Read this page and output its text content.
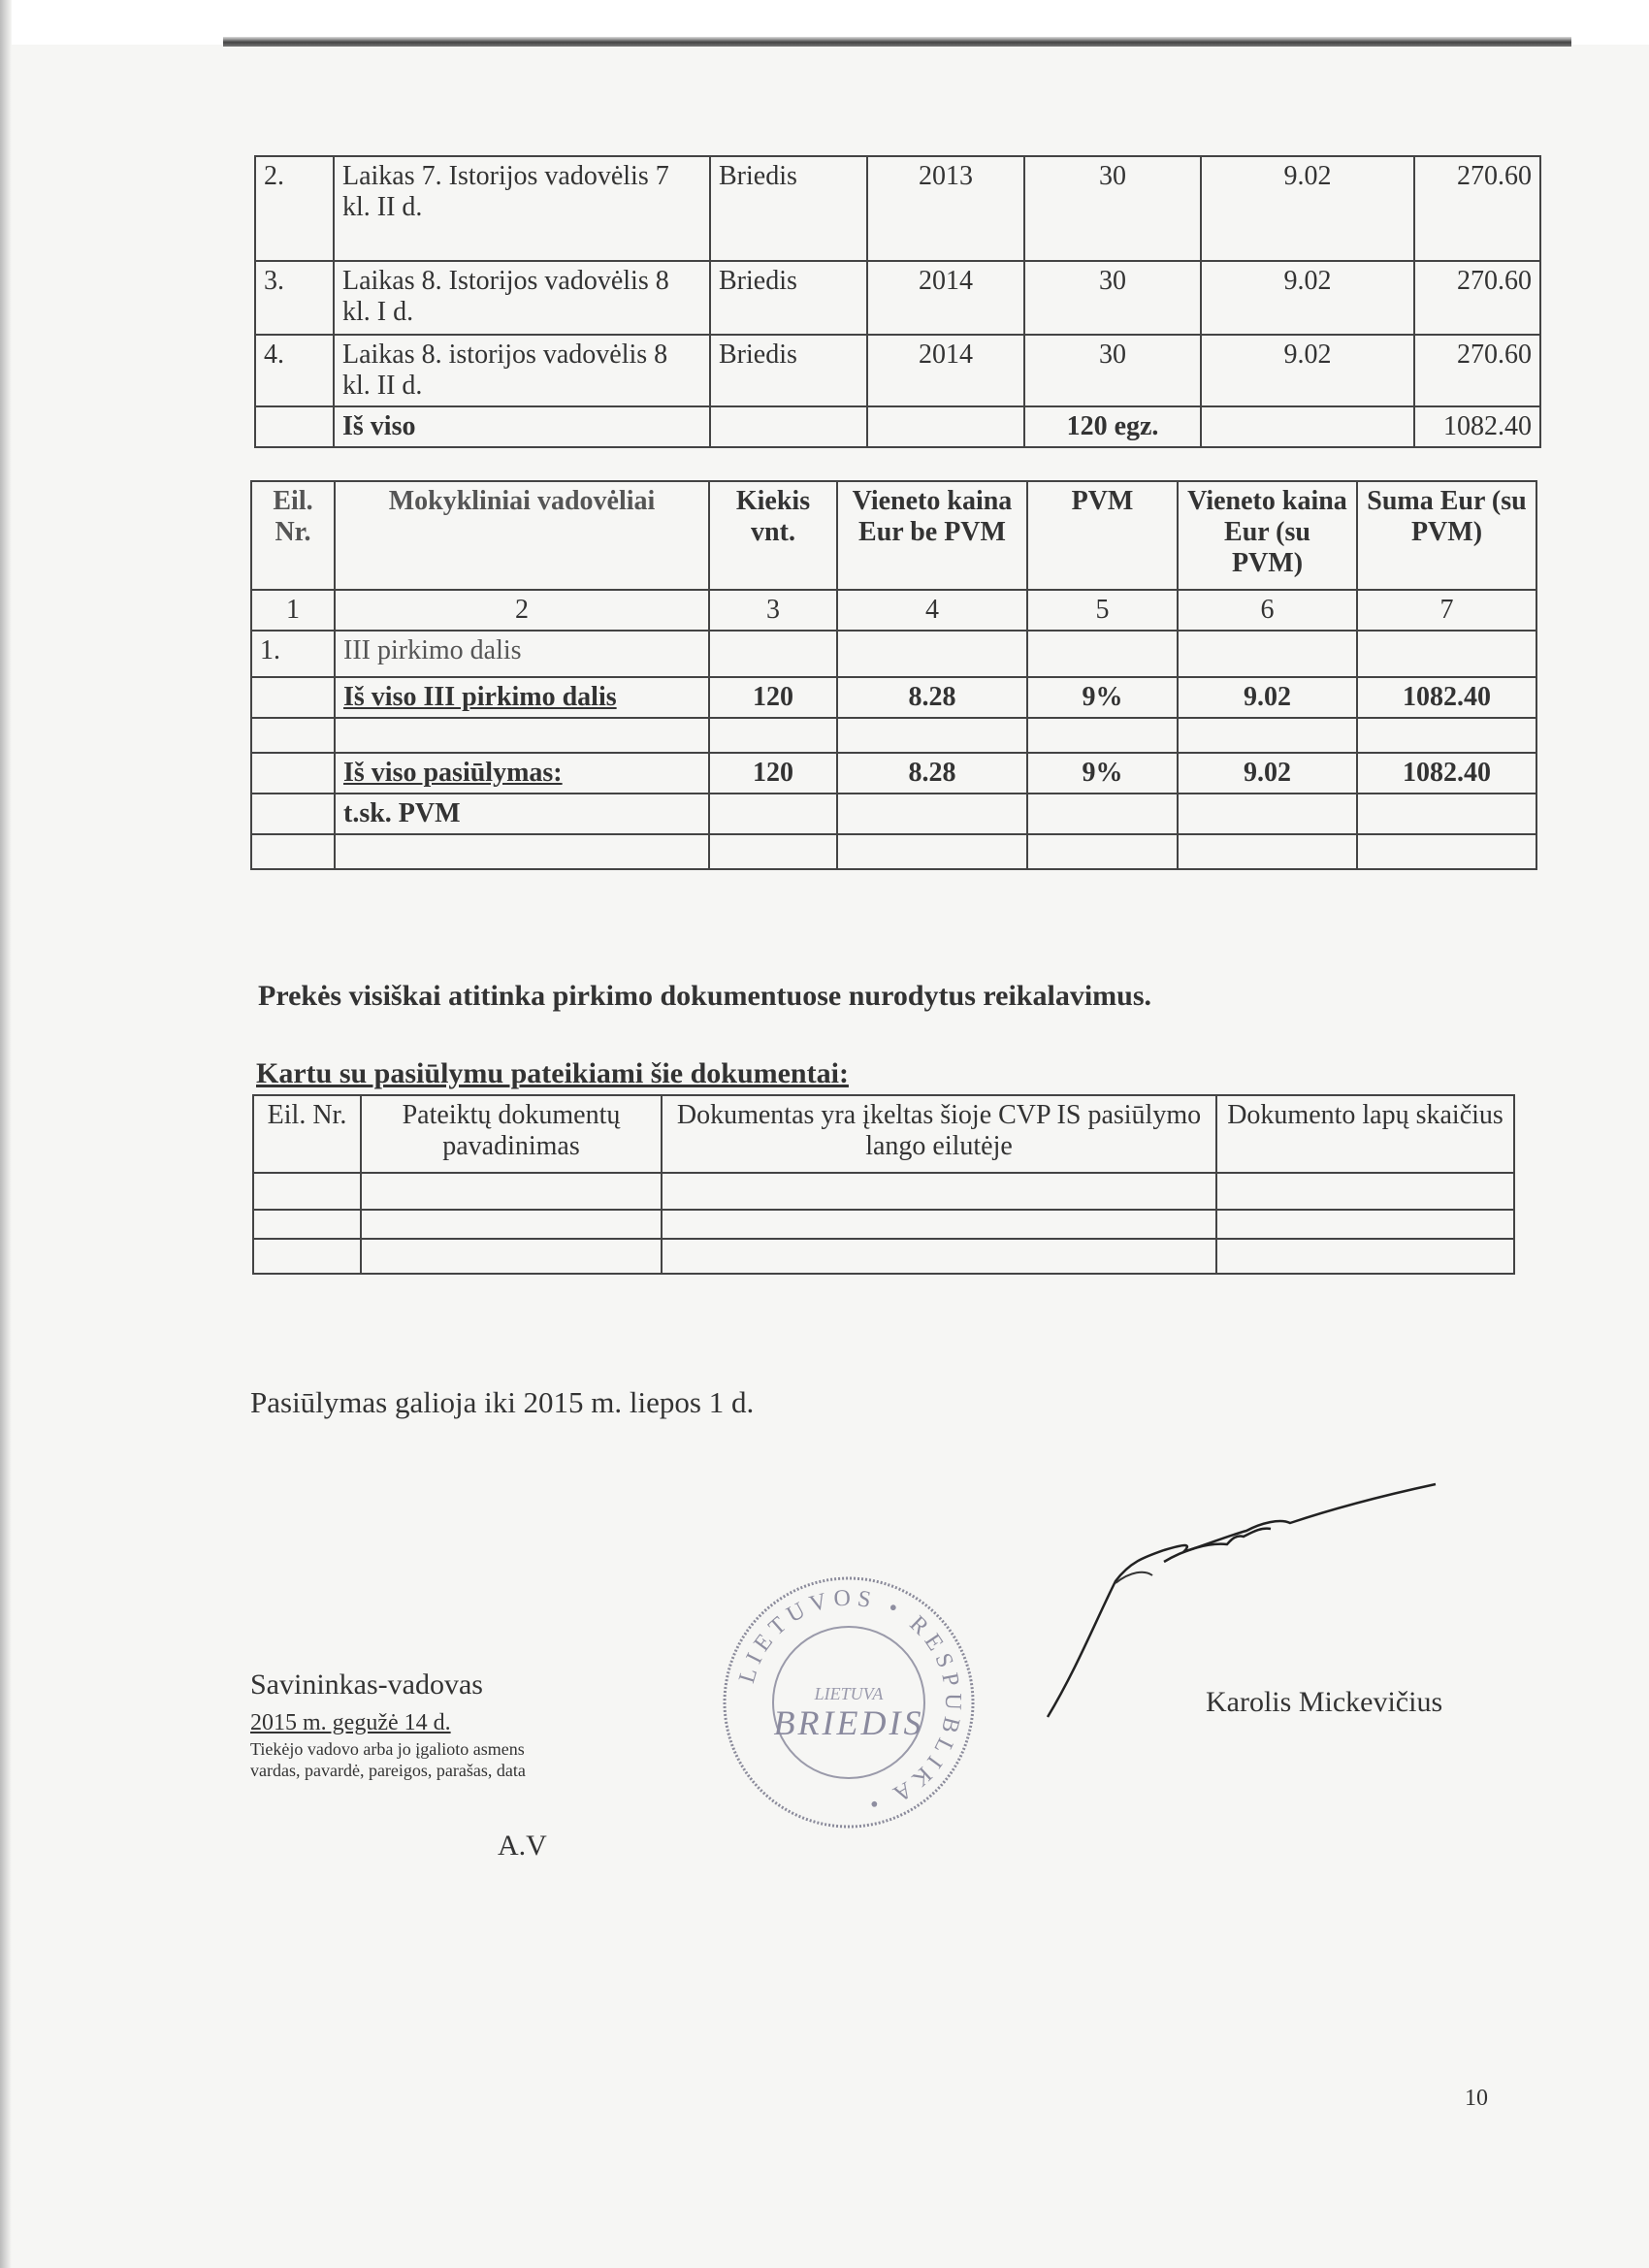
2.	Laikas 7. Istorijos vadovėlis 7 kl. II d.	Briedis	2013	30	9.02	270.60
3.	Laikas 8. Istorijos vadovėlis 8 kl. I d.	Briedis	2014	30	9.02	270.60
4.	Laikas 8. istorijos vadovėlis 8 kl. II d.	Briedis	2014	30	9.02	270.60
	Iš viso			120 egz.		1082.40
Eil. Nr.	Mokykliniai vadovėliai	Kiekis vnt.	Vieneto kaina Eur be PVM	PVM	Vieneto kaina Eur (su PVM)	Suma Eur (su PVM)
1	2	3	4	5	6	7
1.	III pirkimo dalis					
	Iš viso III pirkimo dalis	120	8.28	9%	9.02	1082.40

	Iš viso pasiūlymas:	120	8.28	9%	9.02	1082.40
	t.sk. PVM					

Prekės visiškai atitinka pirkimo dokumentuose nurodytus reikalavimus.
Kartu su pasiūlymu pateikiami šie dokumentai:
Eil. Nr.	Pateiktų dokumentų pavadinimas	Dokumentas yra įkeltas šioje CVP IS pasiūlymo lango eilutėje	Dokumento lapų skaičius

Pasiūlymas galioja iki 2015 m. liepos 1 d.
Savininkas-vadovas
2015 m. gegužė 14 d.
Tiekėjo vadovo arba jo įgalioto asmens
vardas, pavardė, pareigos, parašas, data
A.V
Karolis Mickevičius
LIETUVOS • RESPUBLIKA •
LIETUVA
BRIEDIS
10
